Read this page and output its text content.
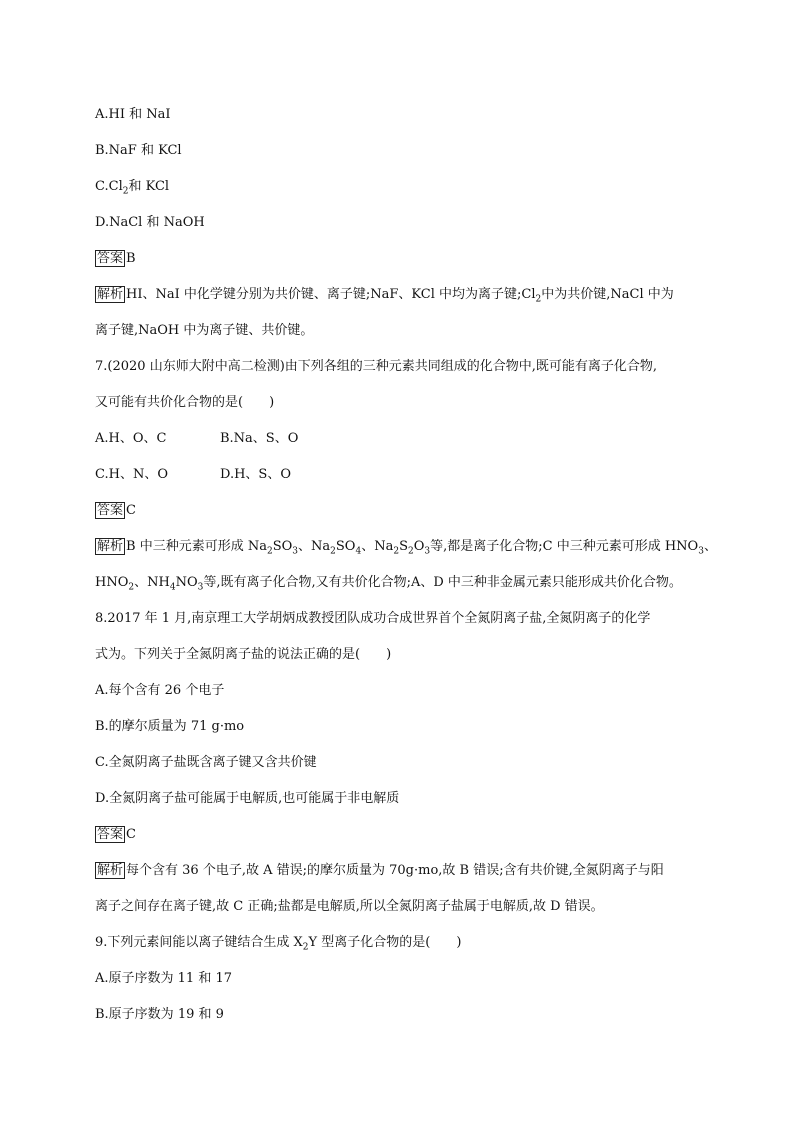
A.HI 和 NaI
B.NaF 和 KCl
$C.Cl_2$和 KCl
D.NaCl 和 NaOH
答案 B
解析 HI、NaI 中化学键分别为共价键、离子键;NaF、KCl 中均为离子键$;Cl_2$中为共价键,NaCl 中为
离子键,NaOH 中为离子键、共价键。
7.(2020 山东师大附中高二检测)由下列各组的三种元素共同组成的化合物中,既可能有离子化合物,
又可能有共价化合物的是(　　)
A.H、O、C	B.Na、S、O
C.H、N、O	D.H、S、O
答案 C
解析 B 中三种元素可形成 $Na_2SO_3$、$Na_2SO_4$、$Na_2S_2O_3$等,都是离子化合物;C 中三种元素可形成 $HNO_3$、
$HNO_2$、$NH_4NO_3$等,既有离子化合物,又有共价化合物;A、D 中三种非金属元素只能形成共价化合物。
8.2017 年 1 月,南京理工大学胡炳成教授团队成功合成世界首个全氮阴离子盐,全氮阴离子的化学
式为。下列关于全氮阴离子盐的说法正确的是(　　)
A.每个含有 26 个电子
B.的摩尔质量为 71 g·mo
C.全氮阴离子盐既含离子键又含共价键
D.全氮阴离子盐可能属于电解质,也可能属于非电解质
答案 C
解析 每个含有 36 个电子,故 A 错误;的摩尔质量为 70g·mo,故 B 错误;含有共价键,全氮阴离子与阳
离子之间存在离子键,故 C 正确;盐都是电解质,所以全氮阴离子盐属于电解质,故 D 错误。
9.下列元素间能以离子键结合生成 $X_2Y$ 型离子化合物的是(　　)
A.原子序数为 11 和 17
B.原子序数为 19 和 9
